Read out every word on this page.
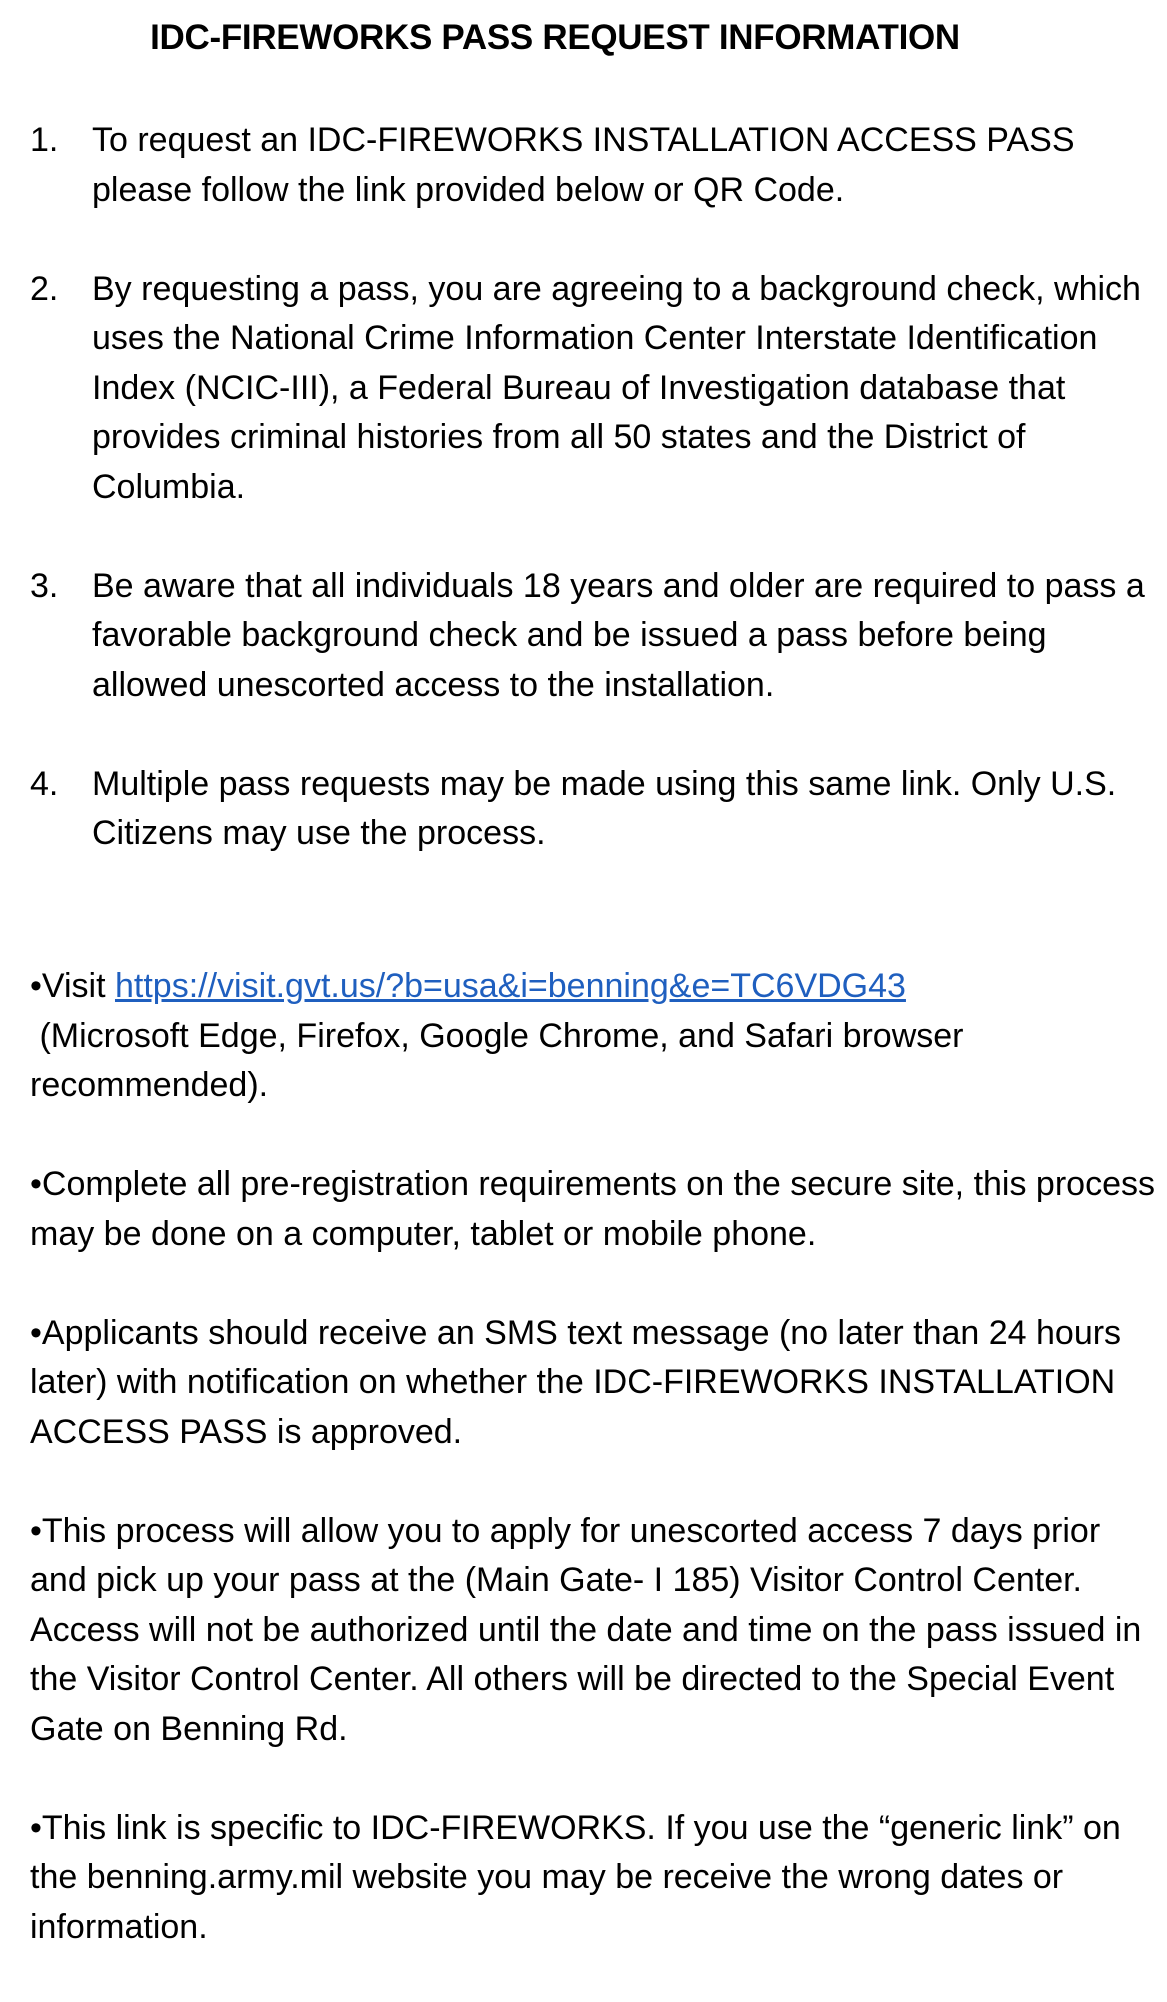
IDC-FIREWORKS PASS REQUEST INFORMATION
1. To request an IDC-FIREWORKS INSTALLATION ACCESS PASS please follow the link provided below or QR Code.
2. By requesting a pass, you are agreeing to a background check, which uses the National Crime Information Center Interstate Identification Index (NCIC-III), a Federal Bureau of Investigation database that provides criminal histories from all 50 states and the District of Columbia.
3. Be aware that all individuals 18 years and older are required to pass a favorable background check and be issued a pass before being allowed unescorted access to the installation.
4. Multiple pass requests may be made using this same link. Only U.S. Citizens may use the process.
•Visit https://visit.gvt.us/?b=usa&i=benning&e=TC6VDG43
(Microsoft Edge, Firefox, Google Chrome, and Safari browser recommended).
•Complete all pre-registration requirements on the secure site, this process may be done on a computer, tablet or mobile phone.
•Applicants should receive an SMS text message (no later than 24 hours later) with notification on whether the IDC-FIREWORKS INSTALLATION ACCESS PASS is approved.
•This process will allow you to apply for unescorted access 7 days prior and pick up your pass at the (Main Gate- I 185) Visitor Control Center. Access will not be authorized until the date and time on the pass issued in the Visitor Control Center. All others will be directed to the Special Event Gate on Benning Rd.
•This link is specific to IDC-FIREWORKS. If you use the “generic link” on the benning.army.mil website you may be receive the wrong dates or information.
